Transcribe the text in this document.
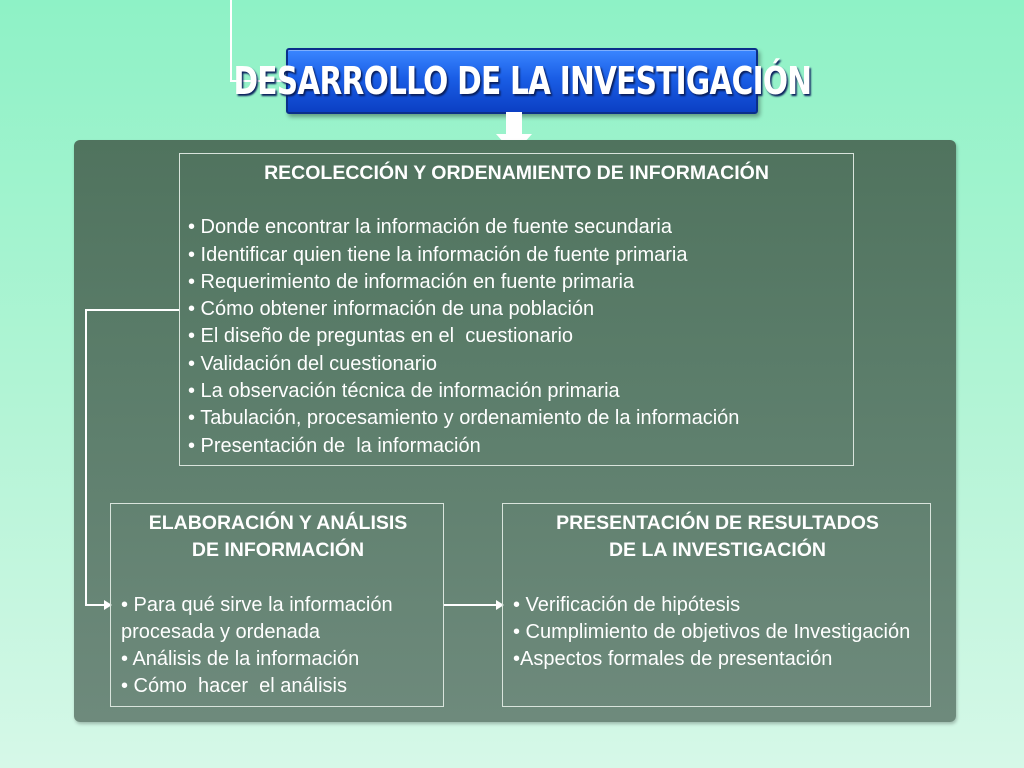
DESARROLLO DE LA INVESTIGACIÓN
RECOLECCIÓN Y ORDENAMIENTO DE INFORMACIÓN
• Donde encontrar la información de fuente secundaria
• Identificar quien tiene la información de fuente primaria
• Requerimiento de información en fuente primaria
• Cómo obtener información de una población
• El diseño de preguntas en el  cuestionario
• Validación del cuestionario
• La observación técnica de información primaria
• Tabulación, procesamiento y ordenamiento de la información
• Presentación de  la información
ELABORACIÓN Y ANÁLISIS
DE INFORMACIÓN
• Para qué sirve la información procesada y ordenada
• Análisis de la información
• Cómo  hacer  el análisis
PRESENTACIÓN DE RESULTADOS
DE LA INVESTIGACIÓN
• Verificación de hipótesis
• Cumplimiento de objetivos de Investigación
•Aspectos formales de presentación
